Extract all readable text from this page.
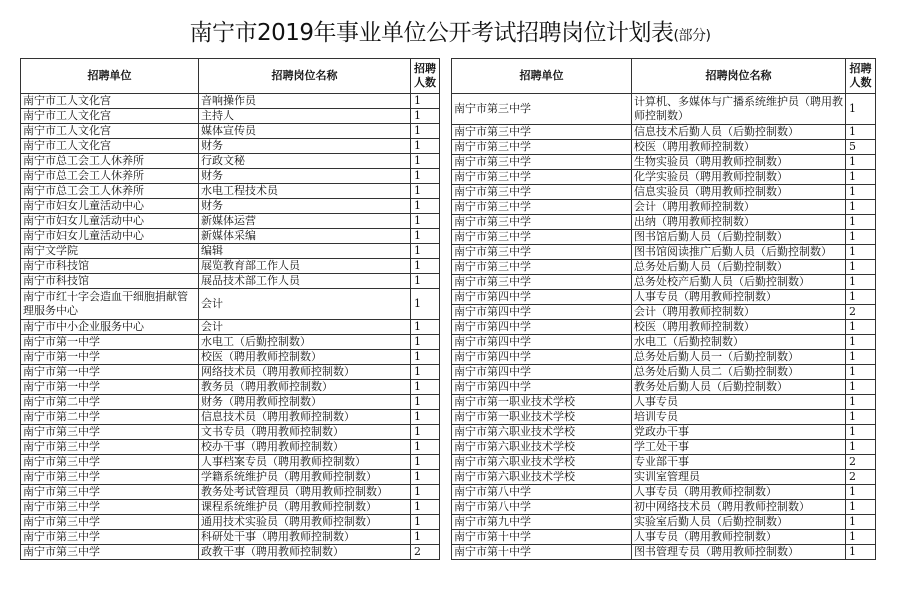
南宁市2019年事业单位公开考试招聘岗位计划表(部分)
招聘单位	招聘岗位名称	招聘人数
南宁市工人文化宫	音响操作员	1
南宁市工人文化宫	主持人	1
南宁市工人文化宫	媒体宣传员	1
南宁市工人文化宫	财务	1
南宁市总工会工人休养所	行政文秘	1
南宁市总工会工人休养所	财务	1
南宁市总工会工人休养所	水电工程技术员	1
南宁市妇女儿童活动中心	财务	1
南宁市妇女儿童活动中心	新媒体运营	1
南宁市妇女儿童活动中心	新媒体采编	1
南宁文学院	编辑	1
南宁市科技馆	展览教育部工作人员	1
南宁市科技馆	展品技术部工作人员	1
南宁市红十字会造血干细胞捐献管理服务中心	会计	1
南宁市中小企业服务中心	会计	1
南宁市第一中学	水电工（后勤控制数）	1
南宁市第一中学	校医（聘用教师控制数）	1
南宁市第一中学	网络技术员（聘用教师控制数）	1
南宁市第一中学	教务员（聘用教师控制数）	1
南宁市第二中学	财务（聘用教师控制数）	1
南宁市第二中学	信息技术员（聘用教师控制数）	1
南宁市第三中学	文书专员（聘用教师控制数）	1
南宁市第三中学	校办干事（聘用教师控制数）	1
南宁市第三中学	人事档案专员（聘用教师控制数）	1
南宁市第三中学	学籍系统维护员（聘用教师控制数）	1
南宁市第三中学	教务处考试管理员（聘用教师控制数）	1
南宁市第三中学	课程系统维护员（聘用教师控制数）	1
南宁市第三中学	通用技术实验员（聘用教师控制数）	1
南宁市第三中学	科研处干事（聘用教师控制数）	1
南宁市第三中学	政教干事（聘用教师控制数）	2
招聘单位	招聘岗位名称	招聘人数
南宁市第三中学	计算机、多媒体与广播系统维护员（聘用教师控制数）	1
南宁市第三中学	信息技术后勤人员（后勤控制数）	1
南宁市第三中学	校医（聘用教师控制数）	5
南宁市第三中学	生物实验员（聘用教师控制数）	1
南宁市第三中学	化学实验员（聘用教师控制数）	1
南宁市第三中学	信息实验员（聘用教师控制数）	1
南宁市第三中学	会计（聘用教师控制数）	1
南宁市第三中学	出纳（聘用教师控制数）	1
南宁市第三中学	图书馆后勤人员（后勤控制数）	1
南宁市第三中学	图书馆阅读推广后勤人员（后勤控制数）	1
南宁市第三中学	总务处后勤人员（后勤控制数）	1
南宁市第三中学	总务处校产后勤人员（后勤控制数）	1
南宁市第四中学	人事专员（聘用教师控制数）	1
南宁市第四中学	会计（聘用教师控制数）	2
南宁市第四中学	校医（聘用教师控制数）	1
南宁市第四中学	水电工（后勤控制数）	1
南宁市第四中学	总务处后勤人员一（后勤控制数）	1
南宁市第四中学	总务处后勤人员二（后勤控制数）	1
南宁市第四中学	教务处后勤人员（后勤控制数）	1
南宁市第一职业技术学校	人事专员	1
南宁市第一职业技术学校	培训专员	1
南宁市第六职业技术学校	党政办干事	1
南宁市第六职业技术学校	学工处干事	1
南宁市第六职业技术学校	专业部干事	2
南宁市第六职业技术学校	实训室管理员	2
南宁市第八中学	人事专员（聘用教师控制数）	1
南宁市第八中学	初中网络技术员（聘用教师控制数）	1
南宁市第九中学	实验室后勤人员（后勤控制数）	1
南宁市第十中学	人事专员（聘用教师控制数）	1
南宁市第十中学	图书管理专员（聘用教师控制数）	1
